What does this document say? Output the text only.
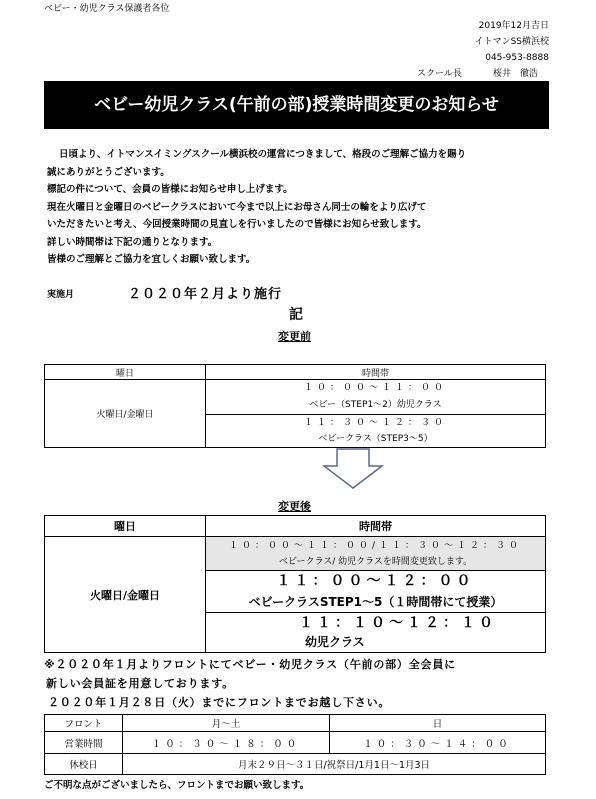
ベビー・幼児クラス保護者各位
2019年12月吉日
イトマンSS横浜校
045-953-8888
スクール長	桜井　徹浩
ベビー幼児クラス(午前の部)授業時間変更のお知らせ
日頃より、イトマンスイミングスクール横浜校の運営につきまして、格段のご理解ご協力を賜り
誠にありがとうございます。
標記の件について、会員の皆様にお知らせ申し上げます。
現在火曜日と金曜日のベビークラスにおいて今まで以上にお母さん同士の輪をより広げて
いただきたいと考え、今回授業時間の見直しを行いましたので皆様にお知らせ致します。
詳しい時間帯は下記の通りとなります。
皆様のご理解とご協力を宜しくお願い致します。
実施月	２０２０年２月より施行
記
変更前
曜日	時間帯
火曜日/金曜日	１０：００～１１：００
ベビー（STEP1～2）幼児クラス

	１１：３０～１２：３０
ベビークラス（STEP3～5）
変更後
曜日	時間帯
火曜日/金曜日	１０：００～１１：００/１１：３０～１２：３０
ベビークラス/ 幼児クラスを時間変更致します。

	１１：００～１２：００
ベビークラスSTEP1～5（１時間帯にて授業）

	１１：１０～１２：１０
幼児クラス
※２０２０年１月よりフロントにてベビー・幼児クラス（午前の部）全会員に
新しい会員証を用意しております。
２０２０年１月２８日（火）までにフロントまでお越し下さい。
フロント	月～土	日
営業時間	１０：３０～１８：００	１０：３０～１４：００
休校日	月末２９日～３１日/祝祭日/1月1日～1月3日	
ご不明な点がございましたら、フロントまでお願い致します。
